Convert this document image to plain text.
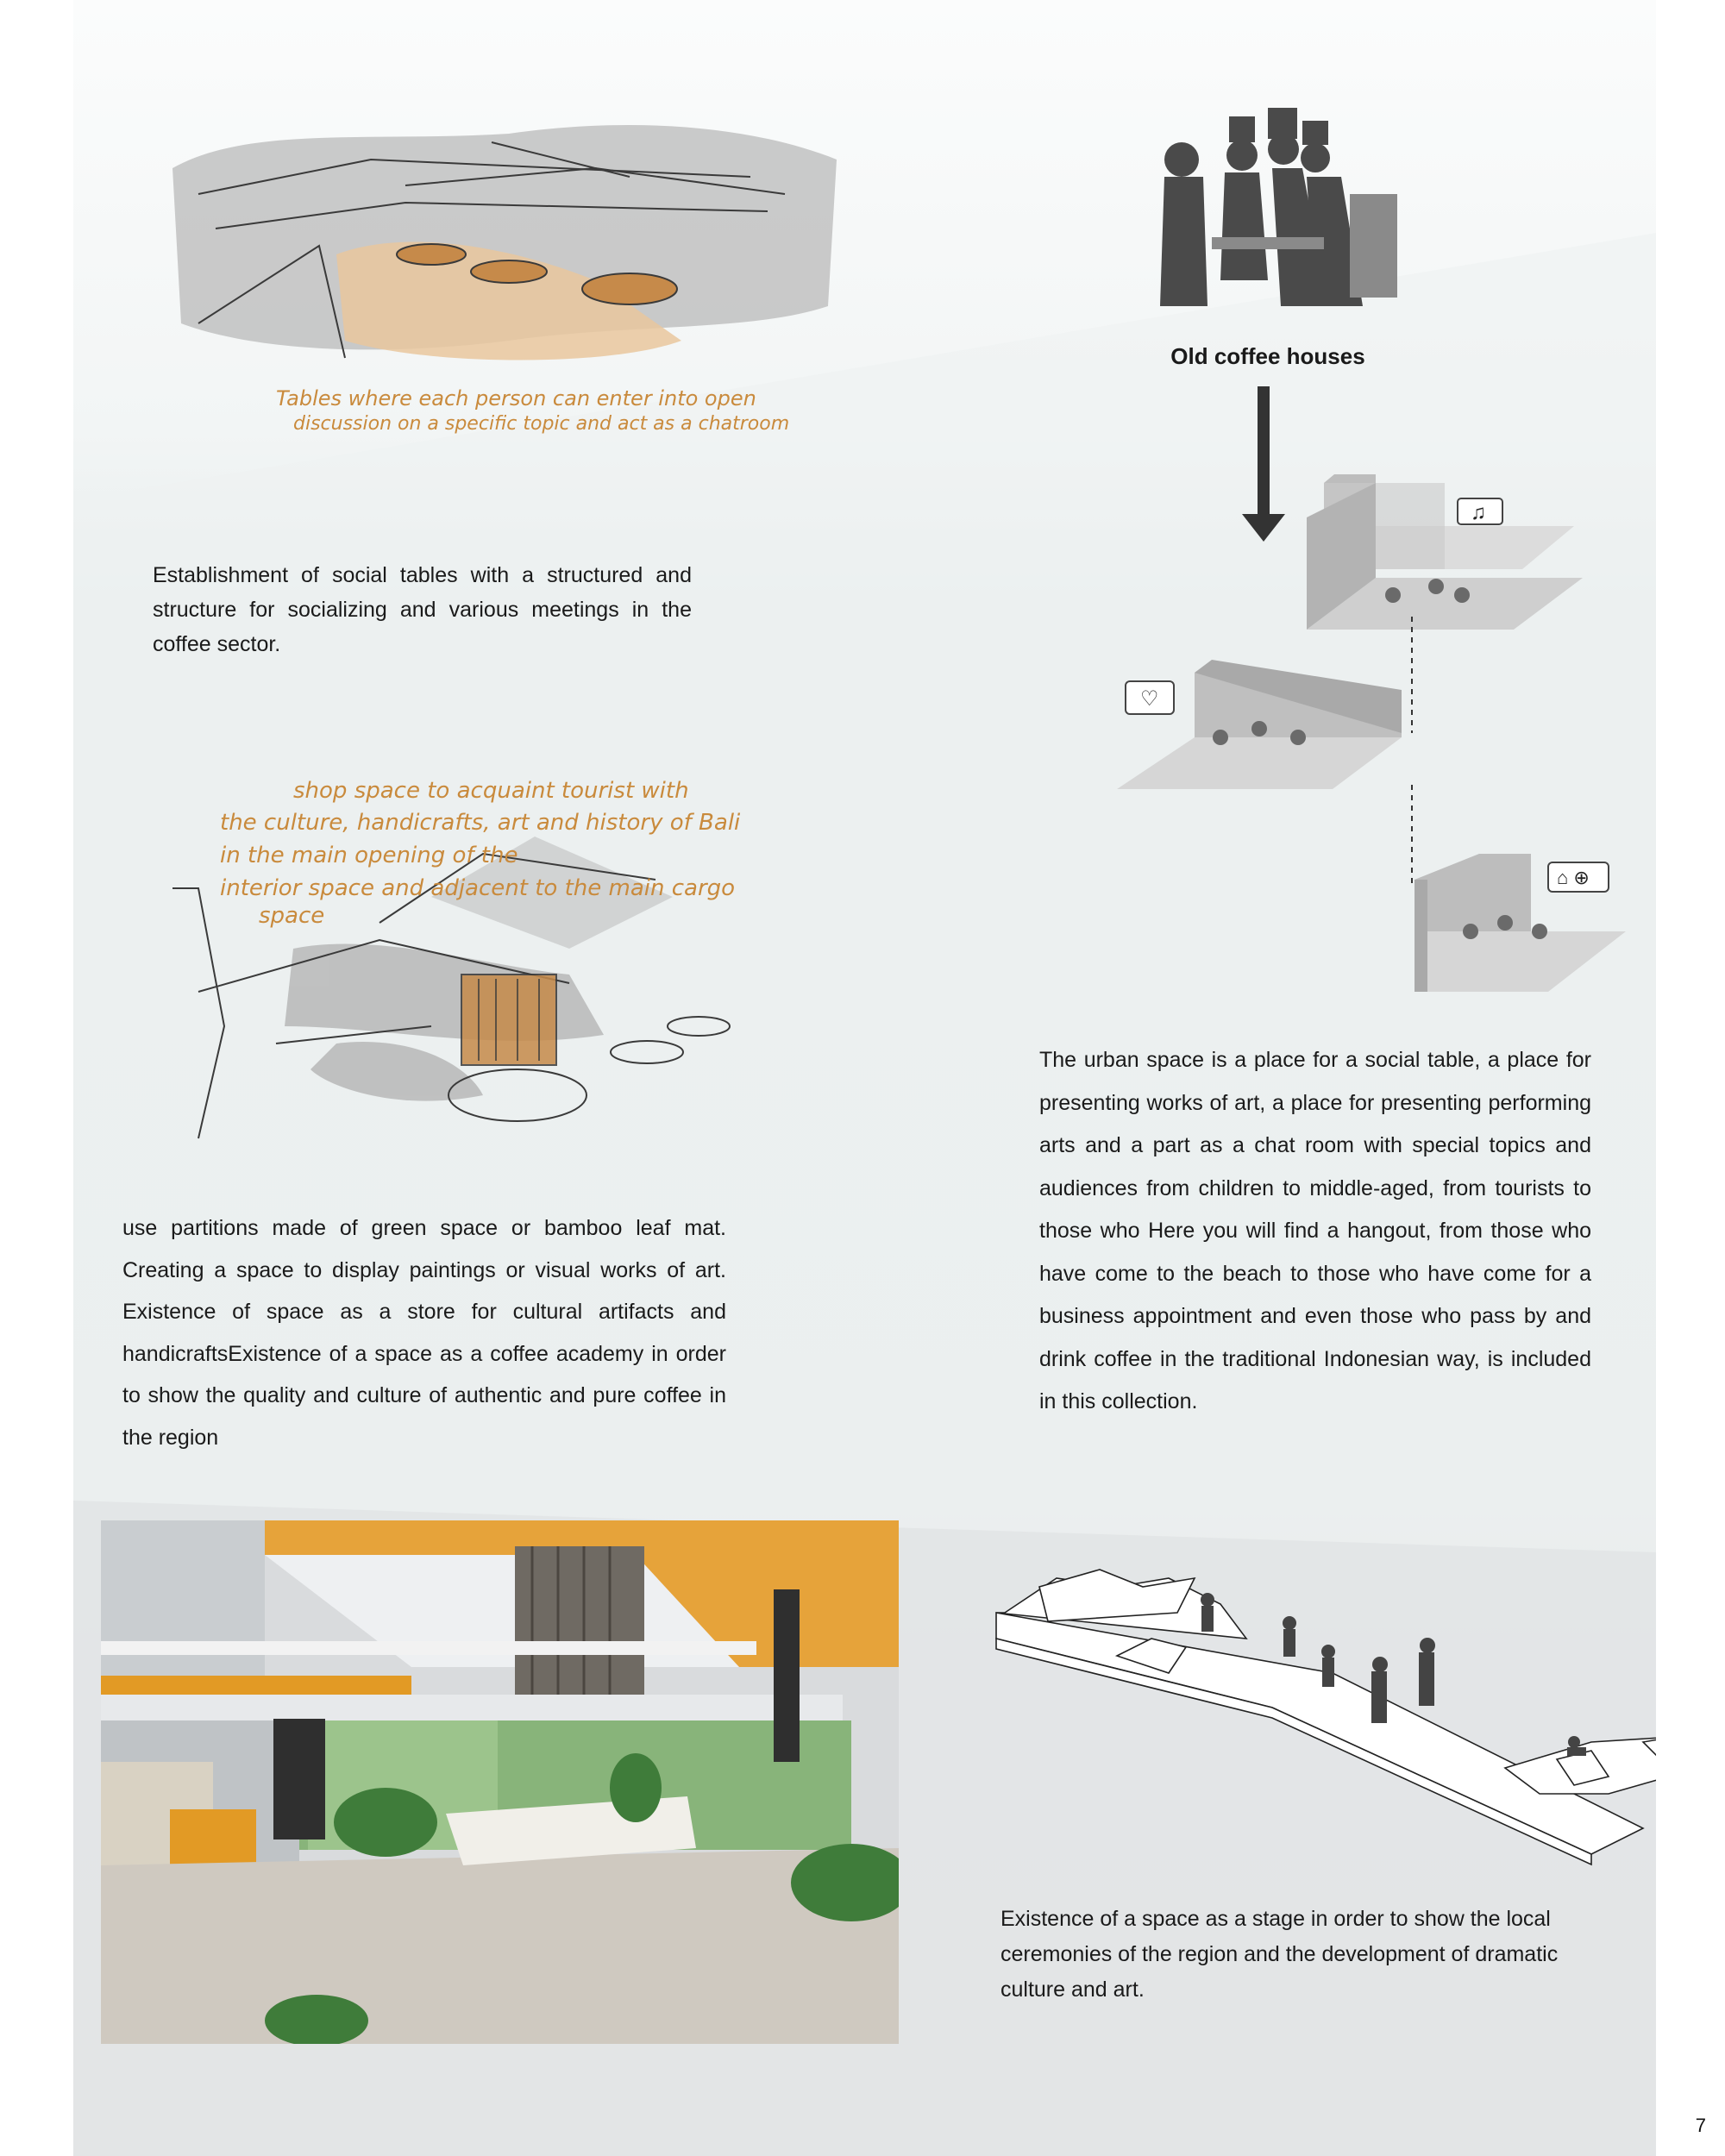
Tables where each person can enter into open
discussion on a specific topic and act as a chatroom
Old coffee houses
♫
♡
⌂ ⊕

Establishment of social tables with a structured and structure for socializing and various meetings in the coffee sector.

shop space to acquaint tourist with
the culture, handicrafts, art and history of Bali
in the main opening of the
interior space and adjacent to the main cargo
space

use partitions made of green space or bamboo leaf mat. Creating a space to display paintings or visual works of art. Existence of space as a store for cultural artifacts and handicraftsExistence of a space as a coffee academy in order to show the quality and culture of authentic and pure coffee in the region

The urban space is a place for a social table, a place for presenting works of art, a place for presenting performing arts and a part as a chat room with special topics and audiences from children to middle-aged, from tourists to those who Here you will find a hangout, from those who have come to the beach to those who have come for a business appointment and even those who pass by and drink coffee in the traditional Indonesian way, is included in this collection.

Existence of a space as a stage in order to show the local ceremonies of the region and the development of dramatic culture and art.

7
